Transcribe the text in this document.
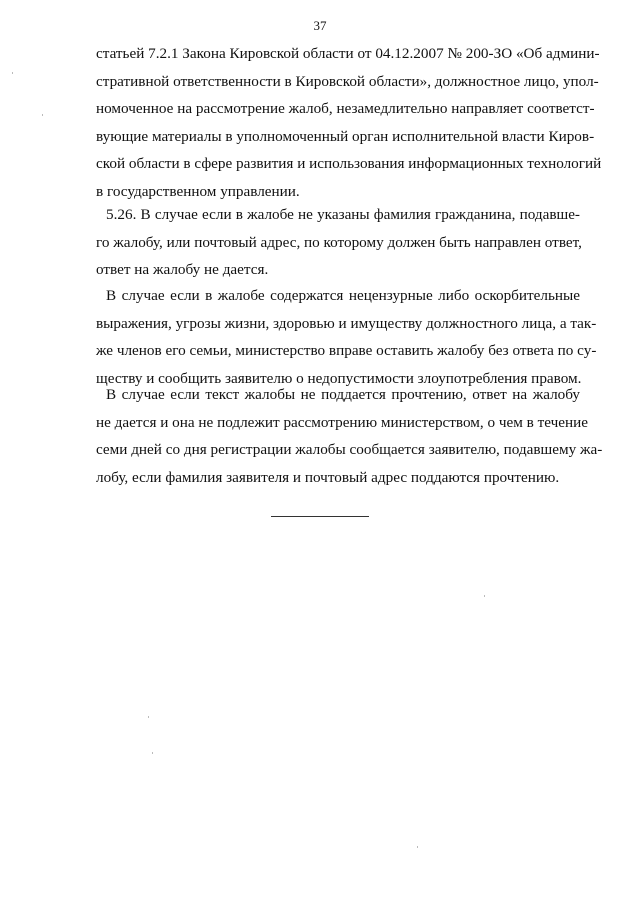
37
статьей 7.2.1 Закона Кировской области от 04.12.2007 № 200-ЗО «Об админи-
стративной ответственности в Кировской области», должностное лицо, упол-
номоченное на рассмотрение жалоб, незамедлительно направляет соответст-
вующие материалы в уполномоченный орган исполнительной власти Киров-
ской области в сфере развития и использования информационных технологий
в государственном управлении.
5.26. В случае если в жалобе не указаны фамилия гражданина, подавше-
го жалобу, или почтовый адрес, по которому должен быть направлен ответ,
ответ на жалобу не дается.
В случае если в жалобе содержатся нецензурные либо оскорбительные
выражения, угрозы жизни, здоровью и имуществу должностного лица, а так-
же членов его семьи, министерство вправе оставить жалобу без ответа по су-
ществу и сообщить заявителю о недопустимости злоупотребления правом.
В случае если текст жалобы не поддается прочтению, ответ на жалобу
не дается и она не подлежит рассмотрению министерством, о чем в течение
семи дней со дня регистрации жалобы сообщается заявителю, подавшему жа-
лобу, если фамилия заявителя и почтовый адрес поддаются прочтению.
